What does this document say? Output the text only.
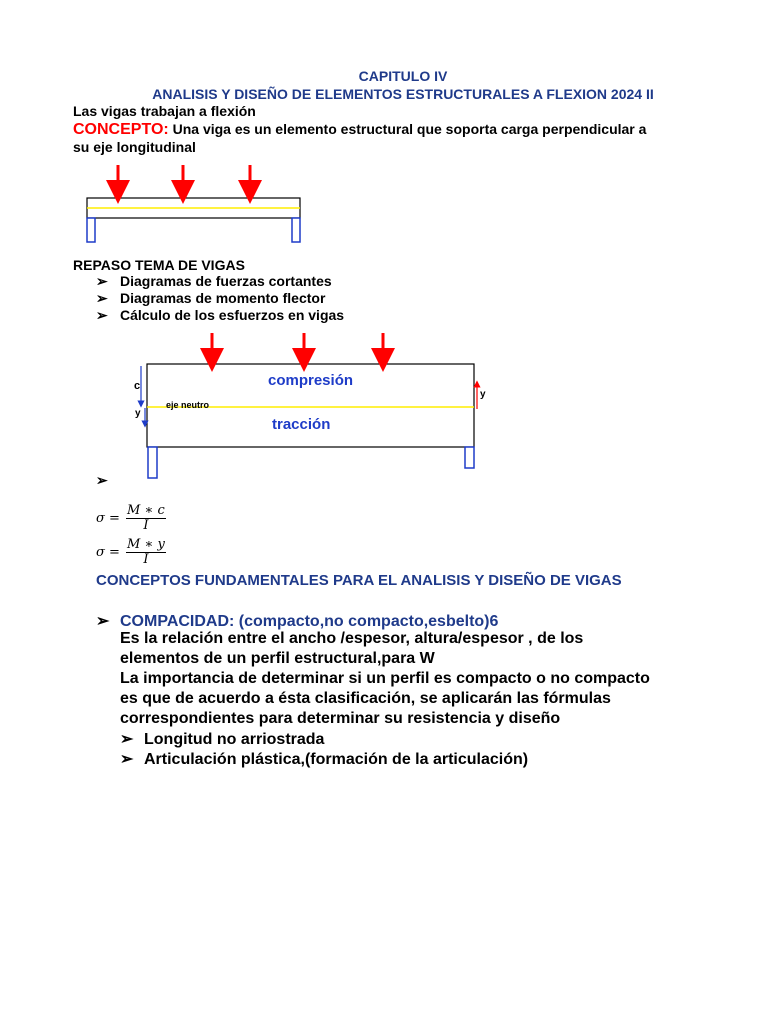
CAPITULO IV
ANALISIS Y DISEÑO DE ELEMENTOS ESTRUCTURALES A FLEXION 2024 II
Las vigas trabajan a flexión
CONCEPTO: Una viga es un elemento estructural que soporta carga perpendicular a
su eje longitudinal
compresión
tracción
eje neutro
c
y
y
REPASO TEMA DE VIGAS
➢ Diagramas de fuerzas cortantes
➢ Diagramas de momento flector
➢ Cálculo de los esfuerzos en vigas
➢
$\sigma = \frac{M ∗ c}{I}$
$\sigma = \frac{M ∗ y}{I}$
CONCEPTOS FUNDAMENTALES PARA EL ANALISIS Y DISEÑO DE VIGAS
➢ COMPACIDAD: (compacto,no compacto,esbelto)6
Es la relación entre el ancho /espesor, altura/espesor , de los
elementos de un perfil estructural,para W
La importancia de determinar si un perfil es compacto o no compacto
es que de acuerdo a ésta clasificación, se aplicarán las fórmulas
correspondientes para determinar su resistencia y diseño
➢ Longitud no arriostrada
➢ Articulación plástica,(formación de la articulación)
